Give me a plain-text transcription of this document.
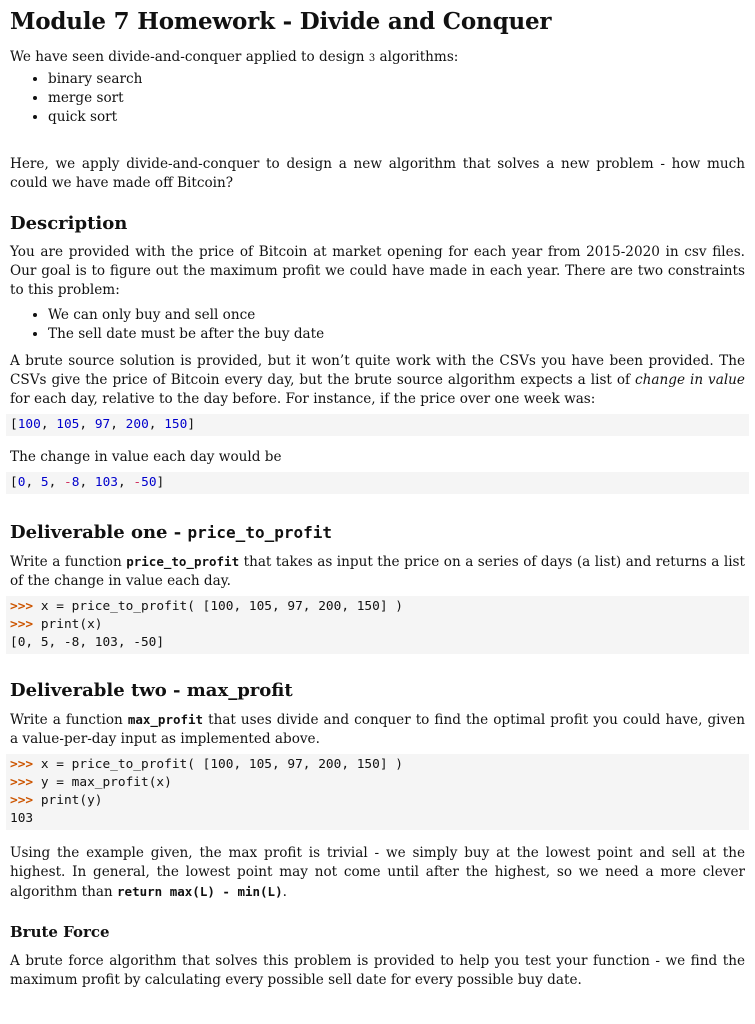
Module 7 Homework - Divide and Conquer

We have seen divide-and-conquer applied to design 3 algorithms:

• binary search
• merge sort
• quick sort

Here, we apply divide-and-conquer to design a new algorithm that solves a new problem - how much could we have made off Bitcoin?

Description

You are provided with the price of Bitcoin at market opening for each year from 2015-2020 in csv files. Our goal is to figure out the maximum profit we could have made in each year. There are two constraints to this problem:

• We can only buy and sell once
• The sell date must be after the buy date

A brute source solution is provided, but it won’t quite work with the CSVs you have been provided. The CSVs give the price of Bitcoin every day, but the brute source algorithm expects a list of change in value for each day, relative to the day before. For instance, if the price over one week was:

[100, 105, 97, 200, 150]

The change in value each day would be

[0, 5, -8, 103, -50]
Deliverable one - price_to_profit

Write a function price_to_profit that takes as input the price on a series of days (a list) and returns a list of the change in value each day.

>>> x = price_to_profit( [100, 105, 97, 200, 150] )
>>> print(x)
[0, 5, -8, 103, -50]
Deliverable two - max_profit

Write a function max_profit that uses divide and conquer to find the optimal profit you could have, given a value-per-day input as implemented above.

>>> x = price_to_profit( [100, 105, 97, 200, 150] )
>>> y = max_profit(x)
>>> print(y)
103

Using the example given, the max profit is trivial - we simply buy at the lowest point and sell at the highest. In general, the lowest point may not come until after the highest, so we need a more clever algorithm than return max(L) - min(L).

Brute Force

A brute force algorithm that solves this problem is provided to help you test your function - we find the maximum profit by calculating every possible sell date for every possible buy date.
